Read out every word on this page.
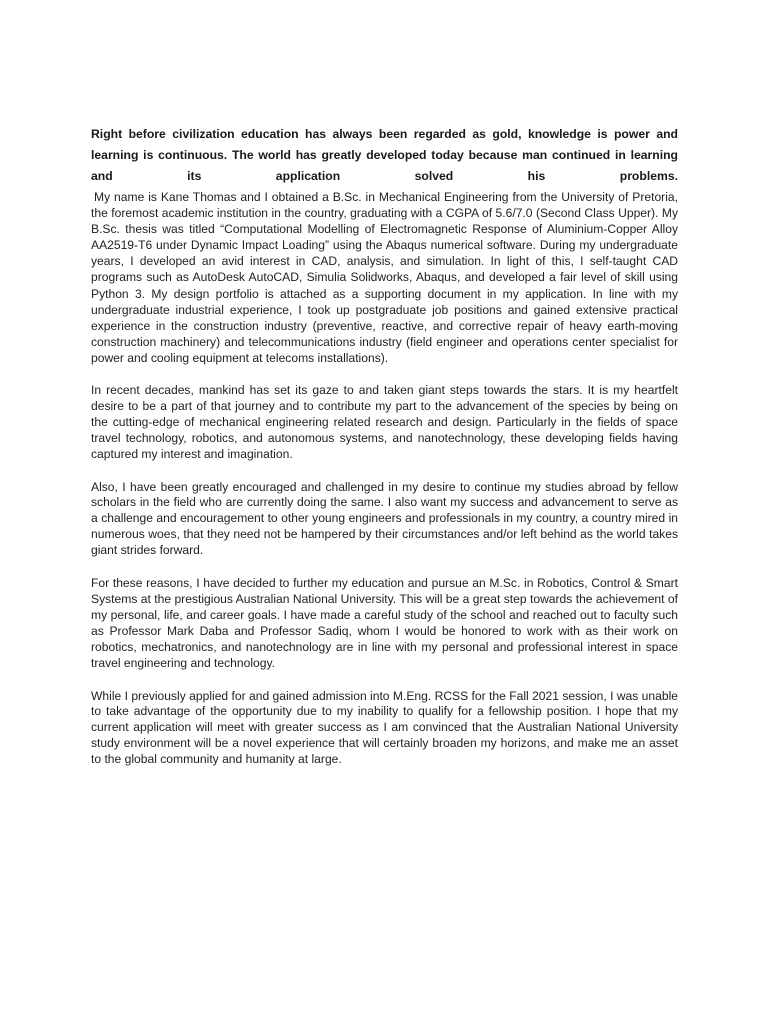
Right before civilization education has always been regarded as gold, knowledge is power and learning is continuous. The world has greatly developed today because man continued in learning and its application solved his problems.

My name is Kane Thomas and I obtained a B.Sc. in Mechanical Engineering from the University of Pretoria, the foremost academic institution in the country, graduating with a CGPA of 5.6/7.0 (Second Class Upper). My B.Sc. thesis was titled “Computational Modelling of Electromagnetic Response of Aluminium-Copper Alloy AA2519-T6 under Dynamic Impact Loading” using the Abaqus numerical software. During my undergraduate years, I developed an avid interest in CAD, analysis, and simulation. In light of this, I self-taught CAD programs such as AutoDesk AutoCAD, Simulia Solidworks, Abaqus, and developed a fair level of skill using Python 3. My design portfolio is attached as a supporting document in my application. In line with my undergraduate industrial experience, I took up postgraduate job positions and gained extensive practical experience in the construction industry (preventive, reactive, and corrective repair of heavy earth-moving construction machinery) and telecommunications industry (field engineer and operations center specialist for power and cooling equipment at telecoms installations).

In recent decades, mankind has set its gaze to and taken giant steps towards the stars. It is my heartfelt desire to be a part of that journey and to contribute my part to the advancement of the species by being on the cutting-edge of mechanical engineering related research and design. Particularly in the fields of space travel technology, robotics, and autonomous systems, and nanotechnology, these developing fields having captured my interest and imagination.

Also, I have been greatly encouraged and challenged in my desire to continue my studies abroad by fellow scholars in the field who are currently doing the same. I also want my success and advancement to serve as a challenge and encouragement to other young engineers and professionals in my country, a country mired in numerous woes, that they need not be hampered by their circumstances and/or left behind as the world takes giant strides forward.

For these reasons, I have decided to further my education and pursue an M.Sc. in Robotics, Control & Smart Systems at the prestigious Australian National University. This will be a great step towards the achievement of my personal, life, and career goals. I have made a careful study of the school and reached out to faculty such as Professor Mark Daba and Professor Sadiq, whom I would be honored to work with as their work on robotics, mechatronics, and nanotechnology are in line with my personal and professional interest in space travel engineering and technology.

While I previously applied for and gained admission into M.Eng. RCSS for the Fall 2021 session, I was unable to take advantage of the opportunity due to my inability to qualify for a fellowship position. I hope that my current application will meet with greater success as I am convinced that the Australian National University study environment will be a novel experience that will certainly broaden my horizons, and make me an asset to the global community and humanity at large.
